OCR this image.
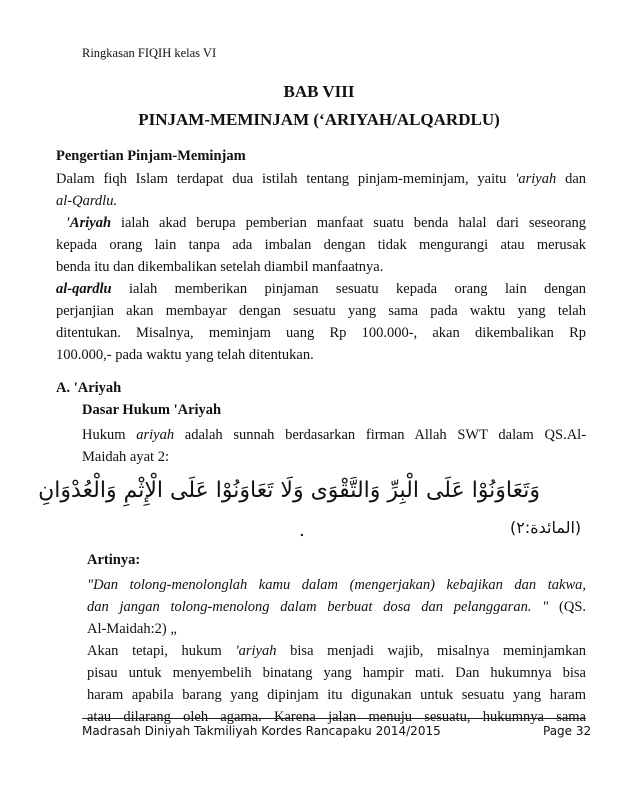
Ringkasan FIQIH kelas VI
BAB VIII
PINJAM-MEMINJAM (‘ARIYAH/ALQARDLU)
Pengertian Pinjam-Meminjam
Dalam fiqh Islam terdapat dua istilah tentang pinjam-meminjam, yaitu 'ariyah dan
al-Qardlu.
'Ariyah ialah akad berupa pemberian manfaat suatu benda halal dari seseorang
kepada orang lain tanpa ada imbalan dengan tidak mengurangi atau merusak
benda itu dan dikembalikan setelah diambil manfaatnya.
al-qardlu ialah memberikan pinjaman sesuatu kepada orang lain dengan
perjanjian akan membayar dengan sesuatu yang sama pada waktu yang telah
ditentukan. Misalnya, meminjam uang Rp 100.000-, akan dikembalikan Rp
100.000,- pada waktu yang telah ditentukan.
A. 'Ariyah
Dasar Hukum 'Ariyah
Hukum ariyah adalah sunnah berdasarkan firman Allah SWT dalam QS.Al-
Maidah ayat 2:
وَتَعَاوَنُوْا عَلَى الْبِرِّ وَالتَّقْوَى وَلَا تَعَاوَنُوْا عَلَى الْإِثْمِ وَالْعُدْوَانِ
۰	(المائدة:٢)
Artinya:
"Dan tolong-menolonglah kamu dalam (mengerjakan) kebajikan dan takwa,
dan jangan tolong-menolong dalam berbuat dosa dan pelanggaran. " (QS.
Al-Maidah:2) „
Akan tetapi, hukum 'ariyah bisa menjadi wajib, misalnya meminjamkan
pisau untuk menyembelih binatang yang hampir mati. Dan hukumnya bisa
haram apabila barang yang dipinjam itu digunakan untuk sesuatu yang haram
atau dilarang oleh agama. Karena jalan menuju sesuatu, hukumnya sama
Madrasah Diniyah Takmiliyah Kordes Rancapaku 2014/2015	Page 32
